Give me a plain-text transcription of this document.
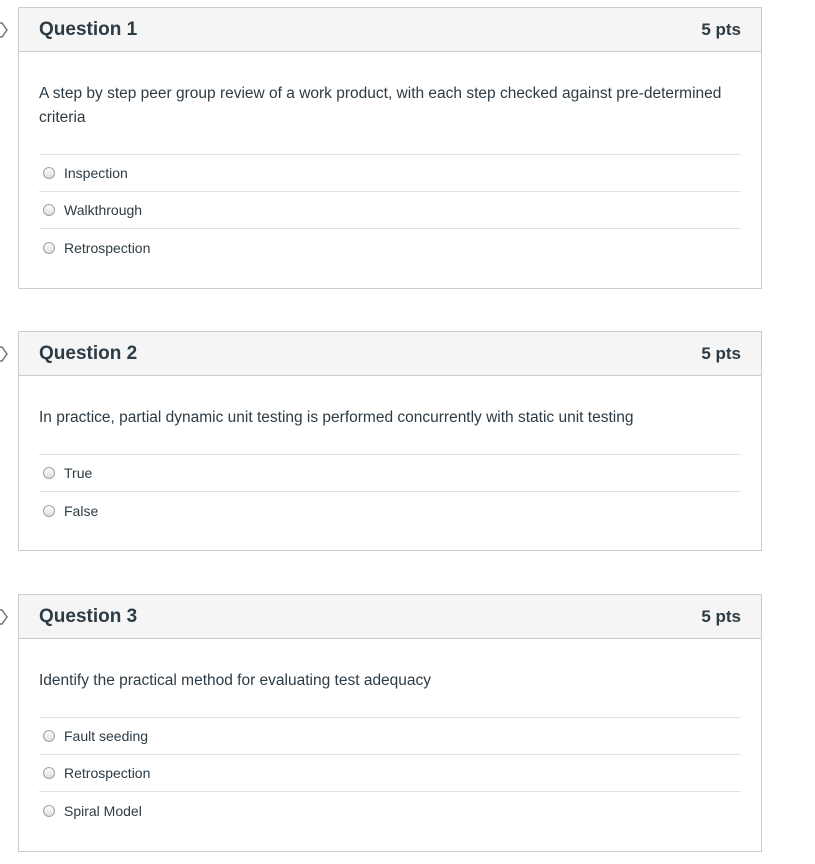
Question 1	5 pts

A step by step peer group review of a work product, with each step checked against pre-determined criteria

Inspection
Walkthrough
Retrospection
Question 2	5 pts

In practice, partial dynamic unit testing is performed concurrently with static unit testing

True
False
Question 3	5 pts

Identify the practical method for evaluating test adequacy

Fault seeding
Retrospection
Spiral Model
